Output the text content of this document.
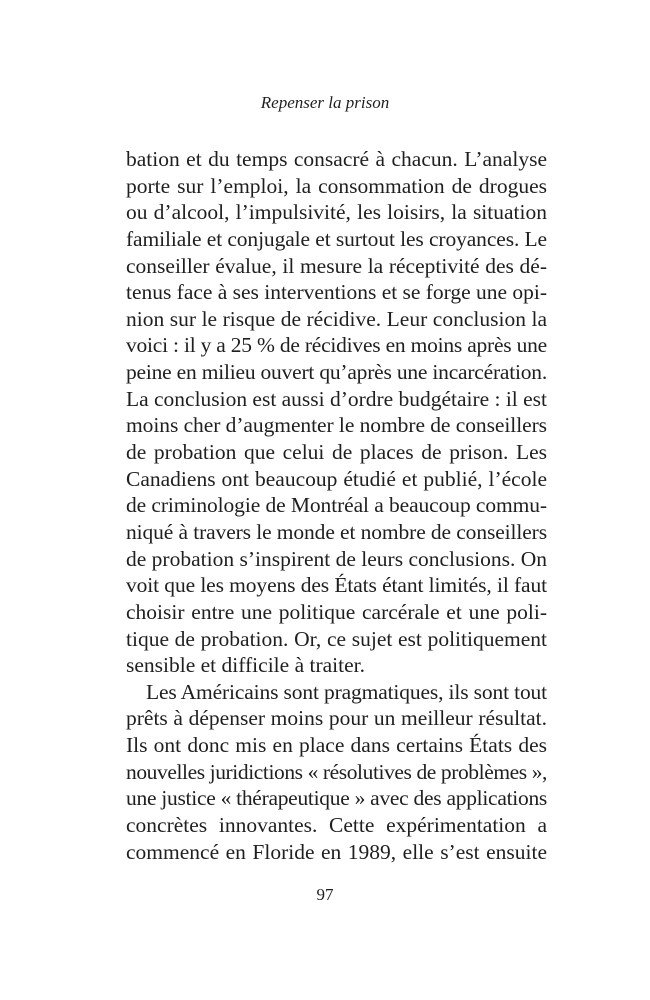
Repenser la prison
bation et du temps consacré à chacun. L’analyse
porte sur l’emploi, la consommation de drogues
ou d’alcool, l’impulsivité, les loisirs, la situation
familiale et conjugale et surtout les croyances. Le
conseiller évalue, il mesure la réceptivité des dé-
tenus face à ses interventions et se forge une opi-
nion sur le risque de récidive. Leur conclusion la
voici : il y a 25 % de récidives en moins après une
peine en milieu ouvert qu’après une incarcération.
La conclusion est aussi d’ordre budgétaire : il est
moins cher d’augmenter le nombre de conseillers
de probation que celui de places de prison. Les
Canadiens ont beaucoup étudié et publié, l’école
de criminologie de Montréal a beaucoup commu-
niqué à travers le monde et nombre de conseillers
de probation s’inspirent de leurs conclusions. On
voit que les moyens des États étant limités, il faut
choisir entre une politique carcérale et une poli-
tique de probation. Or, ce sujet est politiquement
sensible et difficile à traiter.
Les Américains sont pragmatiques, ils sont tout
prêts à dépenser moins pour un meilleur résultat.
Ils ont donc mis en place dans certains États des
nouvelles juridictions « résolutives de problèmes »,
une justice « thérapeutique » avec des applications
concrètes innovantes. Cette expérimentation a
commencé en Floride en 1989, elle s’est ensuite
97
